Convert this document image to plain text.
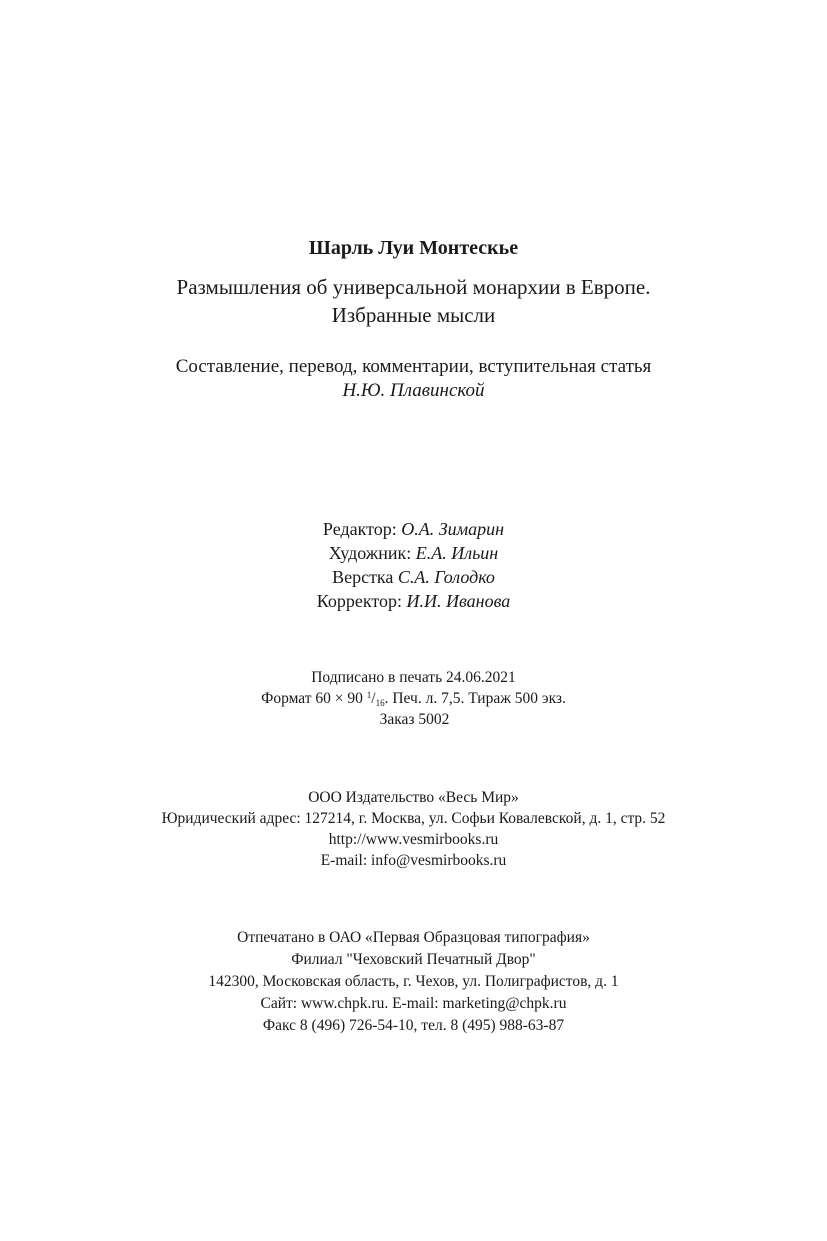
Шарль Луи Монтескье
Размышления об универсальной монархии в Европе.
Избранные мысли
Составление, перевод, комментарии, вступительная статья
Н.Ю. Плавинской
Редактор: О.А. Зимарин
Художник: Е.А. Ильин
Верстка С.А. Голодко
Корректор: И.И. Иванова
Подписано в печать 24.06.2021
Формат 60 × 90 $^1/_{16}$. Печ. л. 7,5. Тираж 500 экз.
Заказ 5002
ООО Издательство «Весь Мир»
Юридический адрес: 127214, г. Москва, ул. Софьи Ковалевской, д. 1, стр. 52
http://www.vesmirbooks.ru
E-mail: info@vesmirbooks.ru
Отпечатано в ОАО «Первая Образцовая типография»
Филиал "Чеховский Печатный Двор"
142300, Московская область, г. Чехов, ул. Полиграфистов, д. 1
Сайт: www.chpk.ru. E-mail: marketing@chpk.ru
Факс 8 (496) 726-54-10, тел. 8 (495) 988-63-87
